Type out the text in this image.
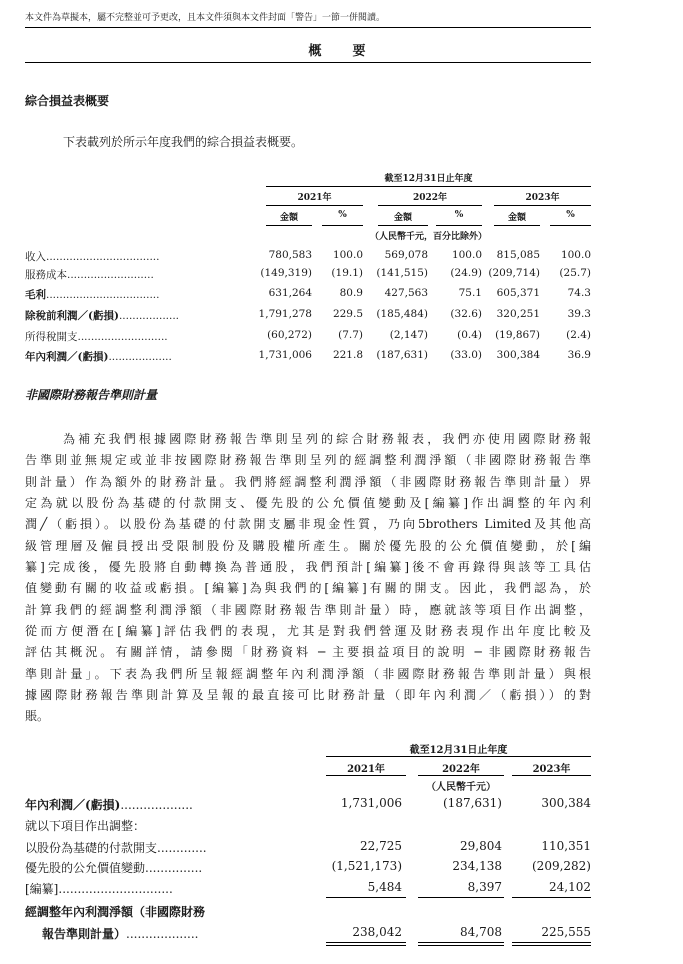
本文件為草擬本，屬不完整並可予更改，且本文件須與本文件封面「警告」一節一併閱讀。
概　要
綜合損益表概要
下表載列於所示年度我們的綜合損益表概要。
截至12月31日止年度
2021年	2022年	2023年
金額	%	金額	%	金額	%
（人民幣千元，百分比除外）
收入..................................	780,583	100.0	569,078	100.0	815,085	100.0
服務成本..........................	(149,319)	(19.1)	(141,515)	(24.9) (209,714)	(25.7)
毛利..................................	631,264	80.9	427,563	75.1	605,371	74.3
除稅前利潤／(虧損)..................	1,791,278	229.5	(185,484)	(32.6)	320,251	39.3
所得稅開支...........................	(60,272)	(7.7)	(2,147)	(0.4)	(19,867)	(2.4)
年內利潤／(虧損)...................	1,731,006	221.8	(187,631)	(33.0)	300,384	36.9
非國際財務報告準則計量
為補充我們根據國際財務報告準則呈列的綜合財務報表，我們亦使用國際財務報
告準則並無規定或並非按國際財務報告準則呈列的經調整利潤淨額（非國際財務報告準
則計量）作為額外的財務計量。我們將經調整利潤淨額（非國際財務報告準則計量）界
定為就以股份為基礎的付款開支、優先股的公允價值變動及[編纂]作出調整的年內利
潤╱（虧損）。以股份為基礎的付款開支屬非現金性質，乃向5brothers Limited及其他高
級管理層及僱員授出受限制股份及購股權所產生。關於優先股的公允價值變動，於[編
纂]完成後，優先股將自動轉換為普通股，我們預計[編纂]後不會再錄得與該等工具估
值變動有關的收益或虧損。[編纂]為與我們的[編纂]有關的開支。因此，我們認為，於
計算我們的經調整利潤淨額（非國際財務報告準則計量）時，應就該等項目作出調整，
從而方便潛在[編纂]評估我們的表現，尤其是對我們營運及財務表現作出年度比較及
評估其概況。有關詳情，請參閱「財務資料 ─ 主要損益項目的說明 ─ 非國際財務報告
準則計量」。下表為我們所呈報經調整年內利潤淨額（非國際財務報告準則計量）與根
據國際財務報告準則計算及呈報的最直接可比財務計量（即年內利潤／（虧損））的對
賬。
截至12月31日止年度
2021年	2022年	2023年
（人民幣千元）
年內利潤／(虧損)...................	1,731,006	(187,631)	300,384
就以下項目作出調整：
以股份為基礎的付款開支.............	22,725	29,804	110,351
優先股的公允價值變動...............	(1,521,173)	234,138	(209,282)
[編纂]..............................	5,484	8,397	24,102
經調整年內利潤淨額（非國際財務
報告準則計量）...................	238,042	84,708	225,555
